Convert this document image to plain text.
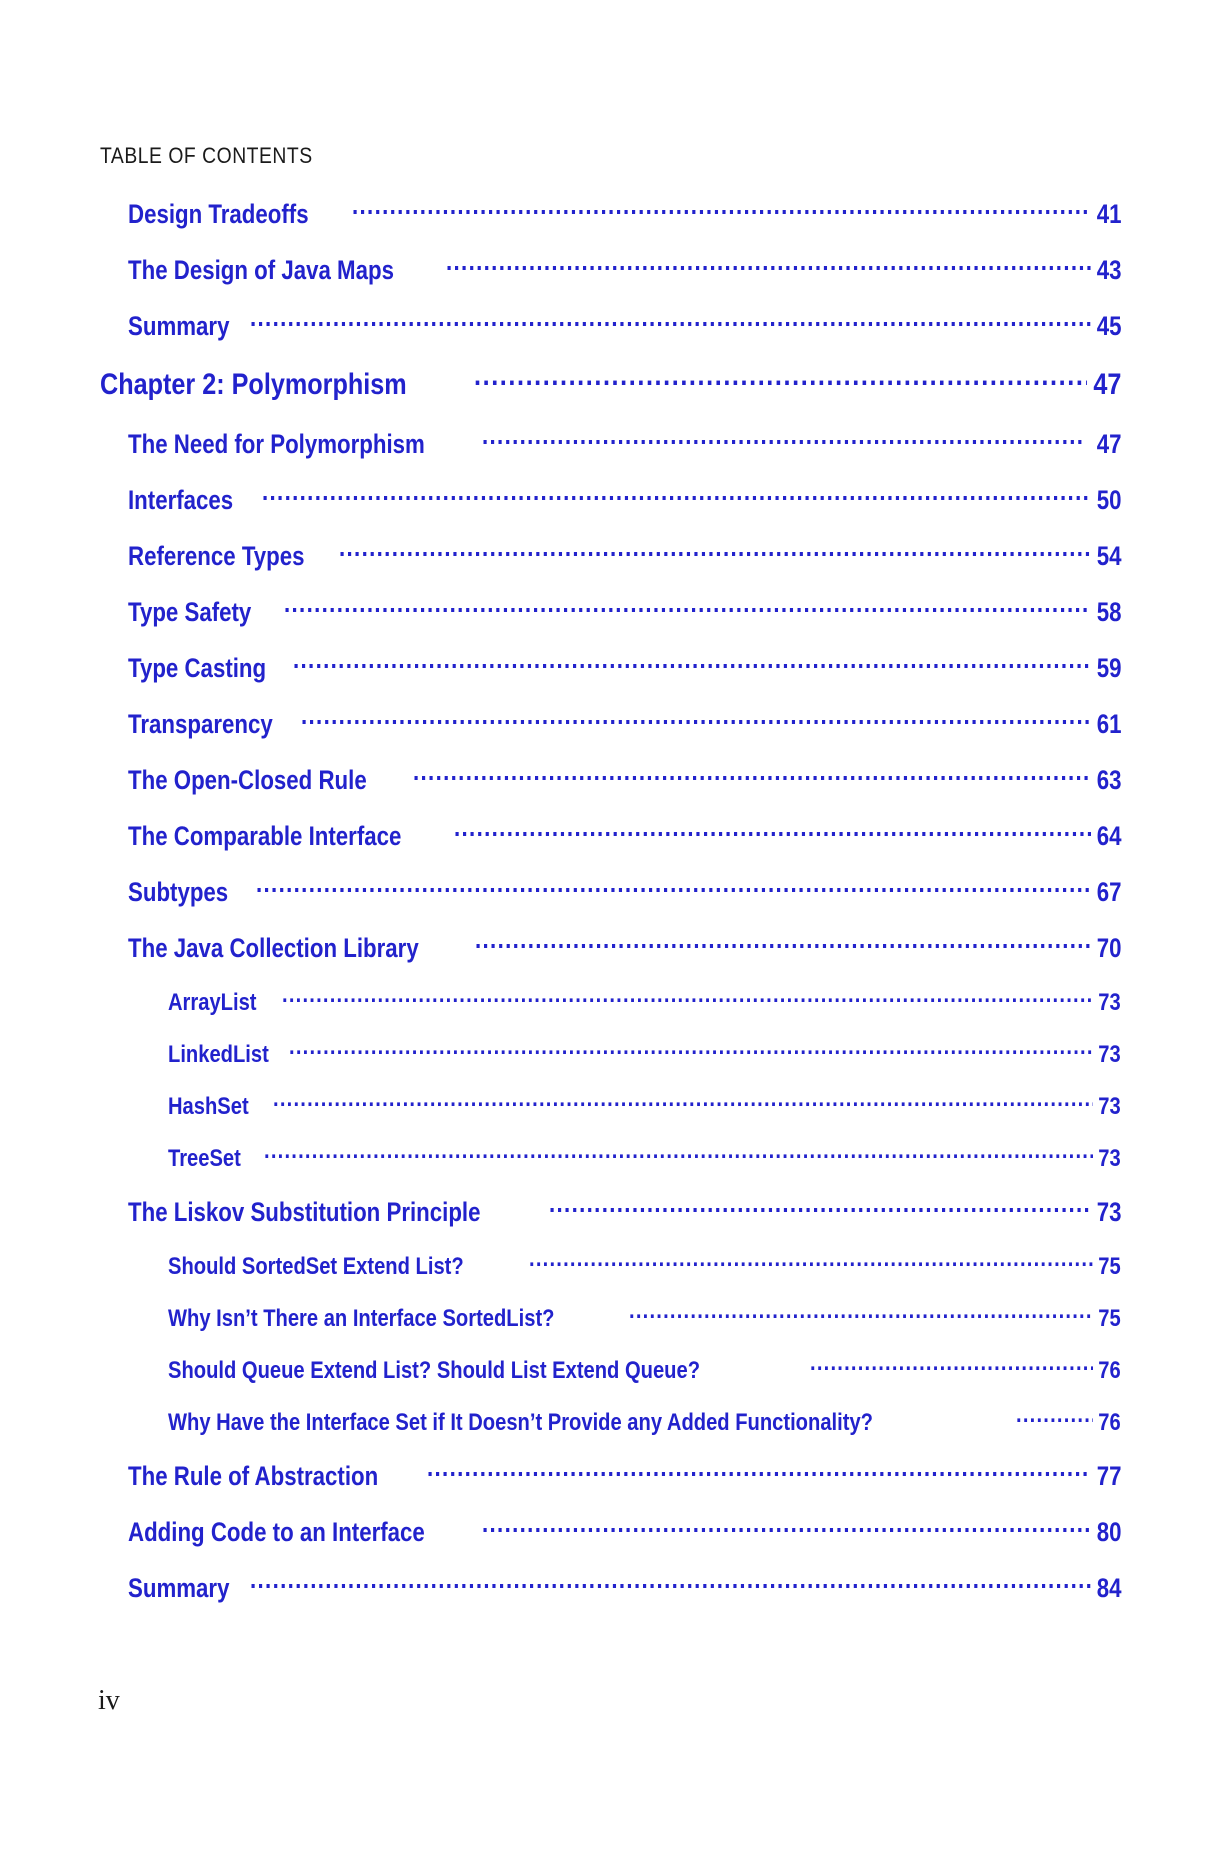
TABLE OF CONTENTS
Design Tradeoffs .....	41
The Design of Java Maps .....	43
Summary .....	45
Chapter 2: Polymorphism .....	47
The Need for Polymorphism .....	47
Interfaces .....	50
Reference Types .....	54
Type Safety .....	58
Type Casting .....	59
Transparency .....	61
The Open-Closed Rule .....	63
The Comparable Interface .....	64
Subtypes .....	67
The Java Collection Library .....	70
ArrayList .....	73
LinkedList .....	73
HashSet .....	73
TreeSet .....	73
The Liskov Substitution Principle .....	73
Should SortedSet Extend List? .....	75
Why Isn’t There an Interface SortedList? .....	75
Should Queue Extend List? Should List Extend Queue? .....	76
Why Have the Interface Set if It Doesn’t Provide any Added Functionality? .....	76
The Rule of Abstraction .....	77
Adding Code to an Interface .....	80
Summary .....	84
iv
